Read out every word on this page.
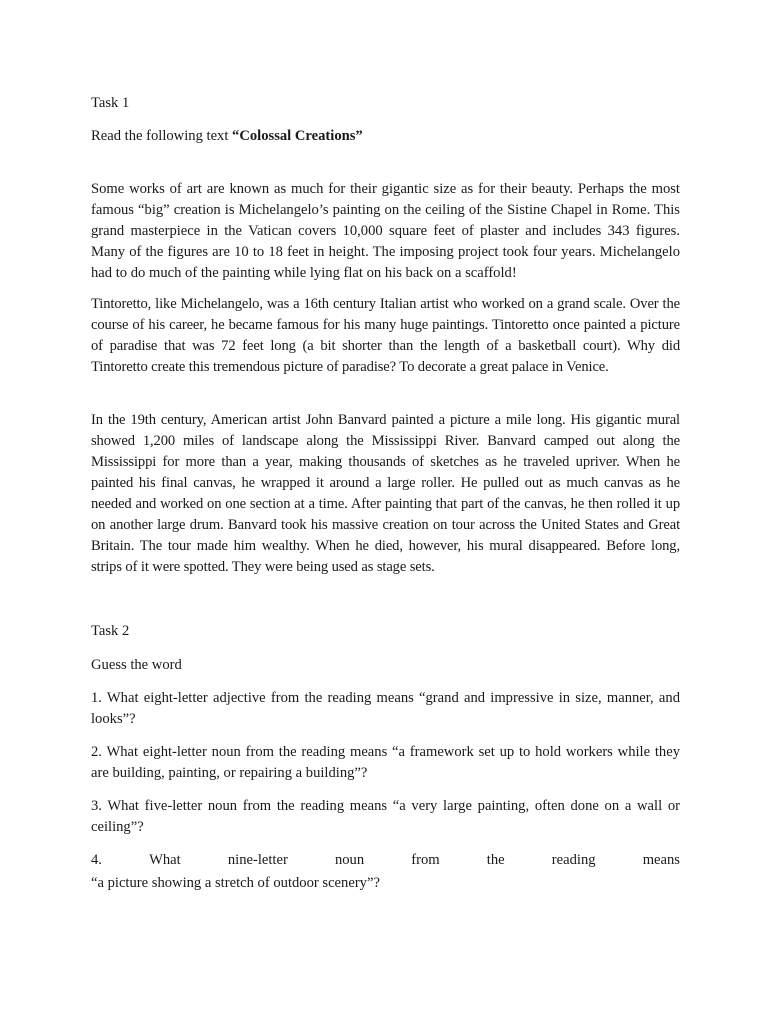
Task 1
Read the following text “Colossal Creations”
Some works of art are known as much for their gigantic size as for their beauty. Perhaps the most famous “big” creation is Michelangelo’s painting on the ceiling of the Sistine Chapel in Rome. This grand masterpiece in the Vatican covers 10,000 square feet of plaster and includes 343 figures. Many of the figures are 10 to 18 feet in height. The imposing project took four years. Michelangelo had to do much of the painting while lying flat on his back on a scaffold!
Tintoretto, like Michelangelo, was a 16th century Italian artist who worked on a grand scale. Over the course of his career, he became famous for his many huge paintings. Tintoretto once painted a picture of paradise that was 72 feet long (a bit shorter than the length of a basketball court). Why did Tintoretto create this tremendous picture of paradise? To decorate a great palace in Venice.
In the 19th century, American artist John Banvard painted a picture a mile long. His gigantic mural showed 1,200 miles of landscape along the Mississippi River. Banvard camped out along the Mississippi for more than a year, making thousands of sketches as he traveled upriver. When he painted his final canvas, he wrapped it around a large roller. He pulled out as much canvas as he needed and worked on one section at a time. After painting that part of the canvas, he then rolled it up on another large drum. Banvard took his massive creation on tour across the United States and Great Britain. The tour made him wealthy. When he died, however, his mural disappeared. Before long, strips of it were spotted. They were being used as stage sets.
Task 2
Guess the word
1. What eight-letter adjective from the reading means “grand and impressive in size, manner, and looks”?
2. What eight-letter noun from the reading means “a framework set up to hold workers while they are building, painting, or repairing a building”?
3. What five-letter noun from the reading means “a very large painting, often done on a wall or ceiling”?
4.	What	nine-letter	noun	from	the	reading	means
“a picture showing a stretch of outdoor scenery”?
